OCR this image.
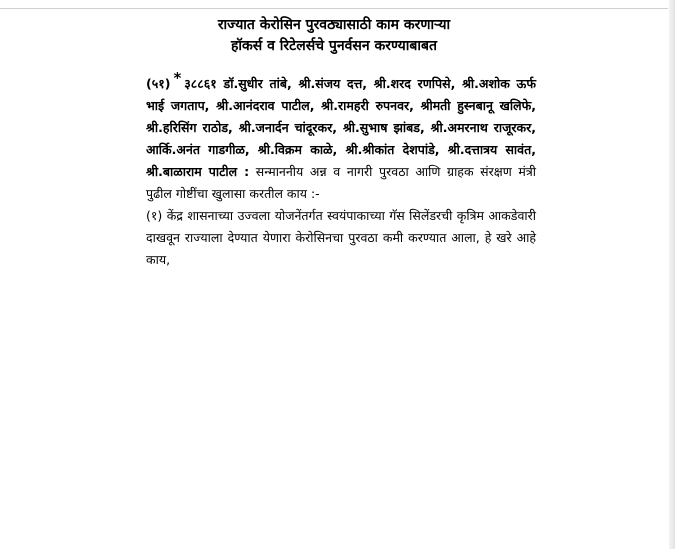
राज्यात केरोसिन पुरवठ्यासाठी काम करणाऱ्या
हॉकर्स व रिटेलर्सचे पुनर्वसन करण्याबाबत
(५१) * ३८८६१ डॉ.सुधीर तांबे, श्री.संजय दत्त, श्री.शरद रणपिसे, श्री.अशोक ऊर्फ भाई जगताप, श्री.आनंदराव पाटील, श्री.रामहरी रुपनवर, श्रीमती हुस्नबानू खलिफे, श्री.हरिसिंग राठोड, श्री.जनार्दन चांदूरकर, श्री.सुभाष झांबड, श्री.अमरनाथ राजूरकर, आर्कि.अनंत गाडगीळ, श्री.विक्रम काळे, श्री.श्रीकांत देशपांडे, श्री.दत्तात्रय सावंत, श्री.बाळाराम पाटील : सन्माननीय अन्न व नागरी पुरवठा आणि ग्राहक संरक्षण मंत्री पुढील गोष्टींचा खुलासा करतील काय :-
(१) केंद्र शासनाच्या उज्वला योजनेंतर्गत स्वयंपाकाच्या गॅस सिलेंडरची कृत्रिम आकडेवारी दाखवून राज्याला देण्यात येणारा केरोसिनचा पुरवठा कमी करण्यात आला, हे खरे आहे काय,
